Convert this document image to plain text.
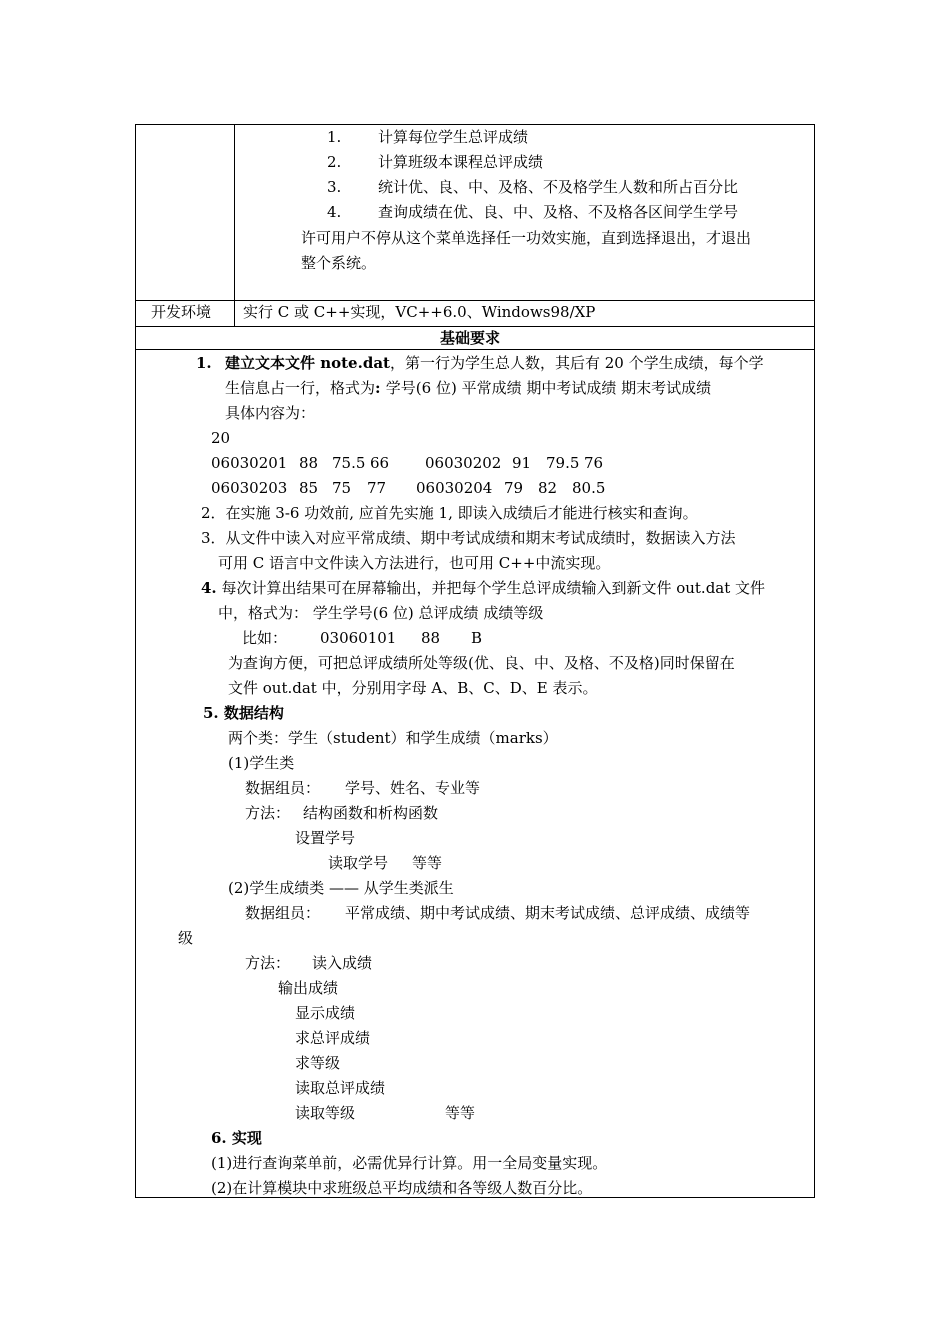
1. 计算每位学生总评成绩
2. 计算班级本课程总评成绩
3. 统计优、良、中、及格、不及格学生人数和所占百分比
4. 查询成绩在优、良、中、及格、不及格各区间学生学号
许可用户不停从这个菜单选择任一功效实施，直到选择退出，才退出
整个系统。
开发环境 实行 C 或 C++实现，VC++6.0、Windows98/XP
基础要求
1. 建立文本文件 note.dat，第一行为学生总人数，其后有 20 个学生成绩，每个学
生信息占一行，格式为: 学号(6 位) 平常成绩 期中考试成绩 期末考试成绩
具体内容为：
20
06030201 88 75.5 66 06030202 91 79.5 76
06030203 85 75 77 06030204 79 82 80.5
2．在实施 3-6 功效前, 应首先实施 1, 即读入成绩后才能进行核实和查询。
3．从文件中读入对应平常成绩、期中考试成绩和期末考试成绩时，数据读入方法
可用 C 语言中文件读入方法进行，也可用 C++中流实现。
4. 每次计算出结果可在屏幕输出，并把每个学生总评成绩输入到新文件 out.dat 文件
中，格式为： 学生学号(6 位) 总评成绩 成绩等级
比如： 03060101 88 B
为查询方便，可把总评成绩所处等级(优、良、中、及格、不及格)同时保留在
文件 out.dat 中，分别用字母 A、B、C、D、E 表示。
5. 数据结构
两个类：学生（student）和学生成绩（marks）
(1)学生类
数据组员： 学号、姓名、专业等
方法： 结构函数和析构函数
设置学号
读取学号 等等
(2)学生成绩类 —— 从学生类派生
数据组员： 平常成绩、期中考试成绩、期末考试成绩、总评成绩、成绩等
级
方法： 读入成绩
输出成绩
显示成绩
求总评成绩
求等级
读取总评成绩
读取等级	等等
6. 实现
(1)进行查询菜单前，必需优异行计算。用一全局变量实现。
(2)在计算模块中求班级总平均成绩和各等级人数百分比。
